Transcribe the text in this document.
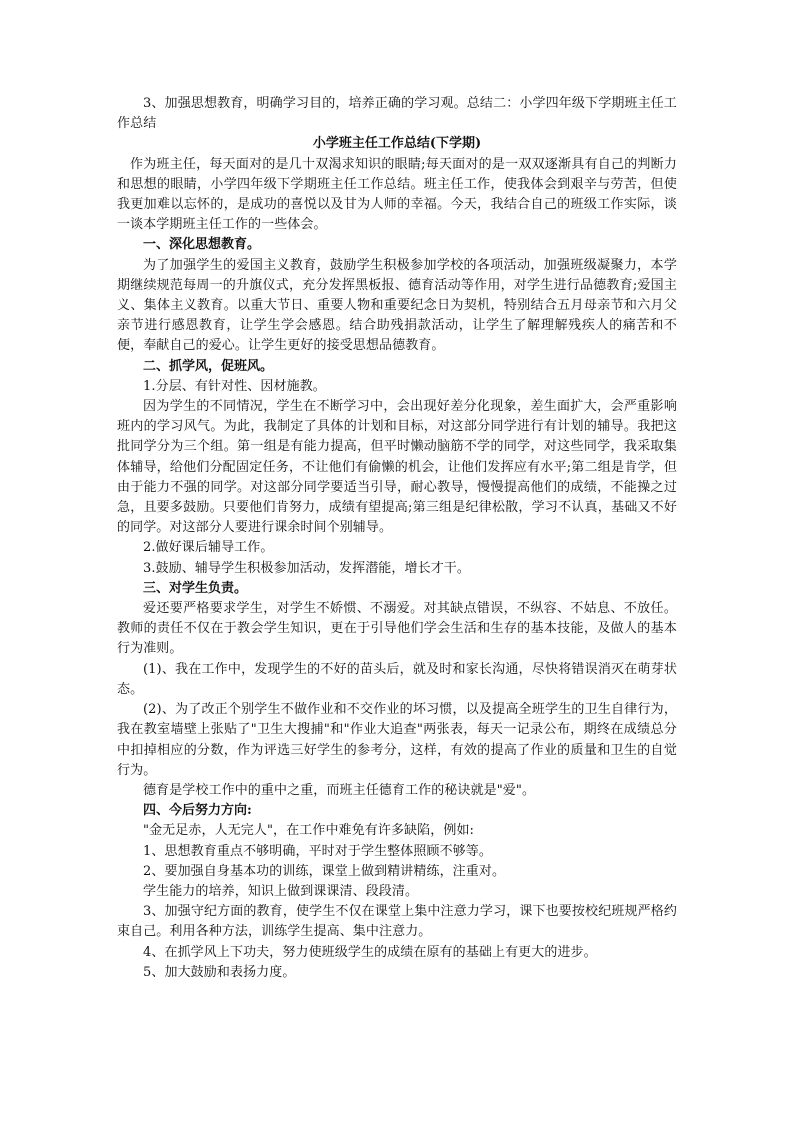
3、加强思想教育，明确学习目的，培养正确的学习观。总结二：小学四年级下学期班主任工作总结

小学班主任工作总结(下学期)

作为班主任，每天面对的是几十双渴求知识的眼睛;每天面对的是一双双逐渐具有自己的判断力和思想的眼睛，小学四年级下学期班主任工作总结。班主任工作，使我体会到艰辛与劳苦，但使我更加难以忘怀的，是成功的喜悦以及甘为人师的幸福。今天，我结合自己的班级工作实际，谈一谈本学期班主任工作的一些体会。

一、深化思想教育。

为了加强学生的爱国主义教育，鼓励学生积极参加学校的各项活动，加强班级凝聚力，本学期继续规范每周一的升旗仪式，充分发挥黑板报、德育活动等作用，对学生进行品德教育;爱国主义、集体主义教育。以重大节日、重要人物和重要纪念日为契机，特别结合五月母亲节和六月父亲节进行感恩教育，让学生学会感恩。结合助残捐款活动，让学生了解理解残疾人的痛苦和不便，奉献自己的爱心。让学生更好的接受思想品德教育。

二、抓学风，促班风。

1.分层、有针对性、因材施教。

因为学生的不同情况，学生在不断学习中，会出现好差分化现象，差生面扩大，会严重影响班内的学习风气。为此，我制定了具体的计划和目标，对这部分同学进行有计划的辅导。我把这批同学分为三个组。第一组是有能力提高，但平时懒动脑筋不学的同学，对这些同学，我采取集体辅导，给他们分配固定任务，不让他们有偷懒的机会，让他们发挥应有水平;第二组是肯学，但由于能力不强的同学。对这部分同学要适当引导，耐心教导，慢慢提高他们的成绩，不能操之过急，且要多鼓励。只要他们肯努力，成绩有望提高;第三组是纪律松散，学习不认真，基础又不好的同学。对这部分人要进行课余时间个别辅导。

2.做好课后辅导工作。

3.鼓励、辅导学生积极参加活动，发挥潜能，增长才干。

三、对学生负责。

爱还要严格要求学生，对学生不娇惯、不溺爱。对其缺点错误，不纵容、不姑息、不放任。教师的责任不仅在于教会学生知识，更在于引导他们学会生活和生存的基本技能，及做人的基本行为准则。

(1)、我在工作中，发现学生的不好的苗头后，就及时和家长沟通，尽快将错误消灭在萌芽状态。

(2)、为了改正个别学生不做作业和不交作业的坏习惯，以及提高全班学生的卫生自律行为，我在教室墙壁上张贴了"卫生大搜捕"和"作业大追查"两张表，每天一记录公布，期终在成绩总分中扣掉相应的分数，作为评选三好学生的参考分，这样，有效的提高了作业的质量和卫生的自觉行为。

德育是学校工作中的重中之重，而班主任德育工作的秘诀就是"爱"。

四、今后努力方向:

"金无足赤，人无完人"，在工作中难免有许多缺陷，例如:

1、思想教育重点不够明确，平时对于学生整体照顾不够等。

2、要加强自身基本功的训练，课堂上做到精讲精练，注重对。

学生能力的培养，知识上做到课课清、段段清。

3、加强守纪方面的教育，使学生不仅在课堂上集中注意力学习，课下也要按校纪班规严格约束自己。利用各种方法，训练学生提高、集中注意力。

4、在抓学风上下功夫，努力使班级学生的成绩在原有的基础上有更大的进步。

5、加大鼓励和表扬力度。
